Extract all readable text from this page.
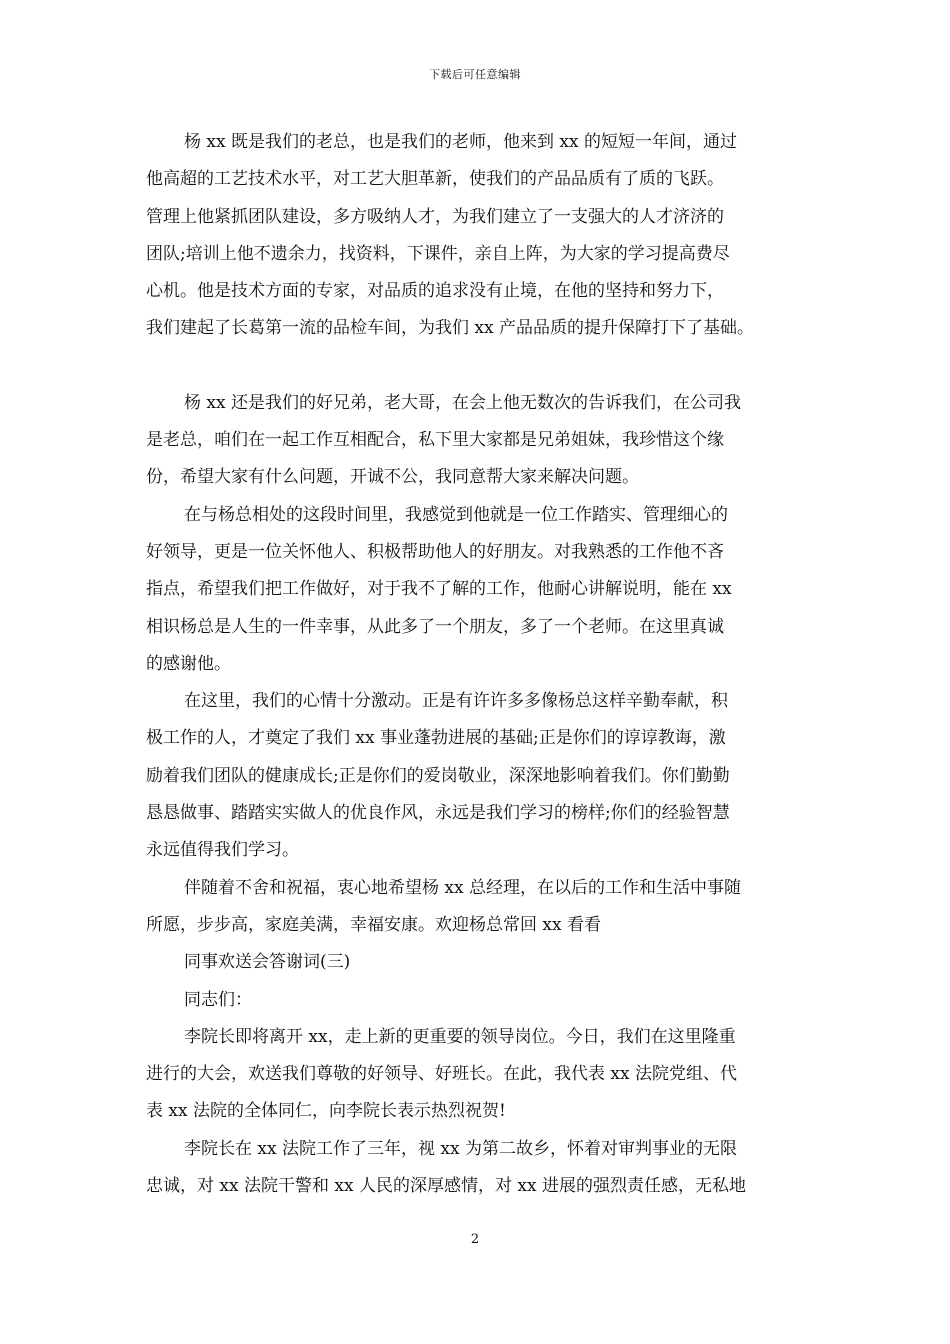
下载后可任意编辑
杨 xx 既是我们的老总，也是我们的老师，他来到 xx 的短短一年间，通过
他高超的工艺技术水平，对工艺大胆革新，使我们的产品品质有了质的飞跃。
管理上他紧抓团队建设，多方吸纳人才，为我们建立了一支强大的人才济济的
团队;培训上他不遗余力，找资料，下课件，亲自上阵，为大家的学习提高费尽
心机。他是技术方面的专家，对品质的追求没有止境，在他的坚持和努力下，
我们建起了长葛第一流的品检车间，为我们 xx 产品品质的提升保障打下了基础。
杨 xx 还是我们的好兄弟，老大哥，在会上他无数次的告诉我们，在公司我
是老总，咱们在一起工作互相配合，私下里大家都是兄弟姐妹，我珍惜这个缘
份，希望大家有什么问题，开诚不公，我同意帮大家来解决问题。
在与杨总相处的这段时间里，我感觉到他就是一位工作踏实、管理细心的
好领导，更是一位关怀他人、积极帮助他人的好朋友。对我熟悉的工作他不吝
指点，希望我们把工作做好，对于我不了解的工作，他耐心讲解说明，能在 xx
相识杨总是人生的一件幸事，从此多了一个朋友，多了一个老师。在这里真诚
的感谢他。
在这里，我们的心情十分激动。正是有许许多多像杨总这样辛勤奉献，积
极工作的人，才奠定了我们 xx 事业蓬勃进展的基础;正是你们的谆谆教诲，激
励着我们团队的健康成长;正是你们的爱岗敬业，深深地影响着我们。你们勤勤
恳恳做事、踏踏实实做人的优良作风，永远是我们学习的榜样;你们的经验智慧
永远值得我们学习。
伴随着不舍和祝福，衷心地希望杨 xx 总经理，在以后的工作和生活中事随
所愿，步步高，家庭美满，幸福安康。欢迎杨总常回 xx 看看
同事欢送会答谢词(三)
同志们：
李院长即将离开 xx，走上新的更重要的领导岗位。今日，我们在这里隆重
进行的大会，欢送我们尊敬的好领导、好班长。在此，我代表 xx 法院党组、代
表 xx 法院的全体同仁，向李院长表示热烈祝贺!
李院长在 xx 法院工作了三年，视 xx 为第二故乡，怀着对审判事业的无限
忠诚，对 xx 法院干警和 xx 人民的深厚感情，对 xx 进展的强烈责任感，无私地
2
